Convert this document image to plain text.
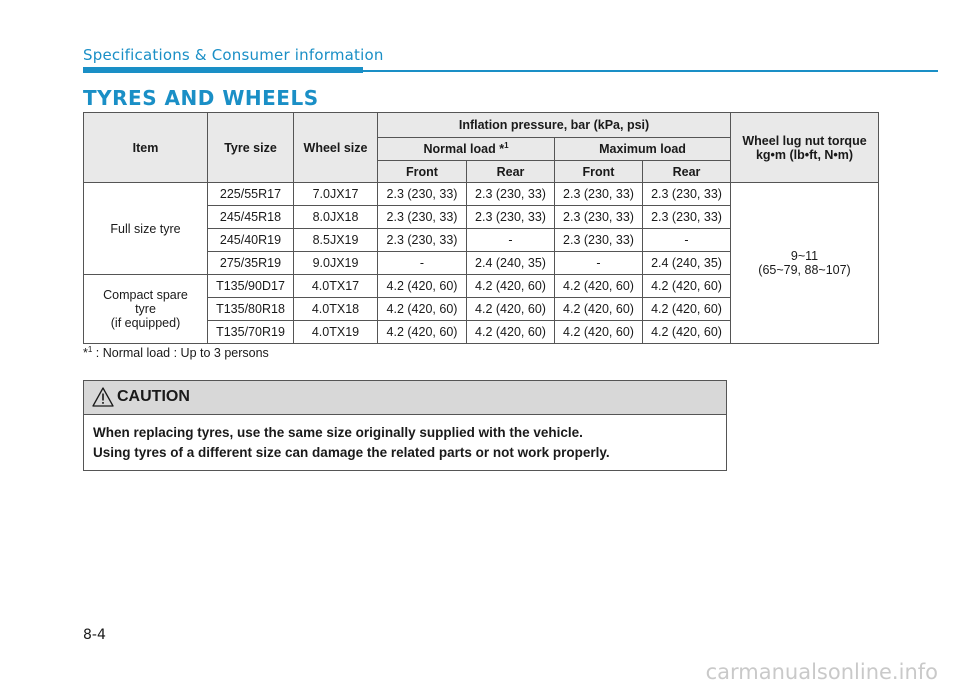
Specifications & Consumer information
TYRES AND WHEELS
Item	Tyre size	Wheel size	Inflation pressure, bar (kPa, psi)				Wheel lug nut torque
kg•m (lb•ft, N•m)
			Normal load *$^1$		Maximum load		
			Front	Rear	Front	Rear	
Full size tyre	225/55R17	7.0JX17	2.3 (230, 33)	2.3 (230, 33)	2.3 (230, 33)	2.3 (230, 33)	9~11
(65~79, 88~107)
	245/45R18	8.0JX18	2.3 (230, 33)	2.3 (230, 33)	2.3 (230, 33)	2.3 (230, 33)	
	245/40R19	8.5JX19	2.3 (230, 33)	-	2.3 (230, 33)	-	
	275/35R19	9.0JX19	-	2.4 (240, 35)	-	2.4 (240, 35)	
Compact spare
tyre
(if equipped)	T135/90D17	4.0TX17	4.2 (420, 60)	4.2 (420, 60)	4.2 (420, 60)	4.2 (420, 60)	
	T135/80R18	4.0TX18	4.2 (420, 60)	4.2 (420, 60)	4.2 (420, 60)	4.2 (420, 60)	
	T135/70R19	4.0TX19	4.2 (420, 60)	4.2 (420, 60)	4.2 (420, 60)	4.2 (420, 60)	
*$^1$ : Normal load : Up to 3 persons
CAUTION
When replacing tyres, use the same size originally supplied with the vehicle.
Using tyres of a different size can damage the related parts or not work properly.
8-4
carmanualsonline.info
